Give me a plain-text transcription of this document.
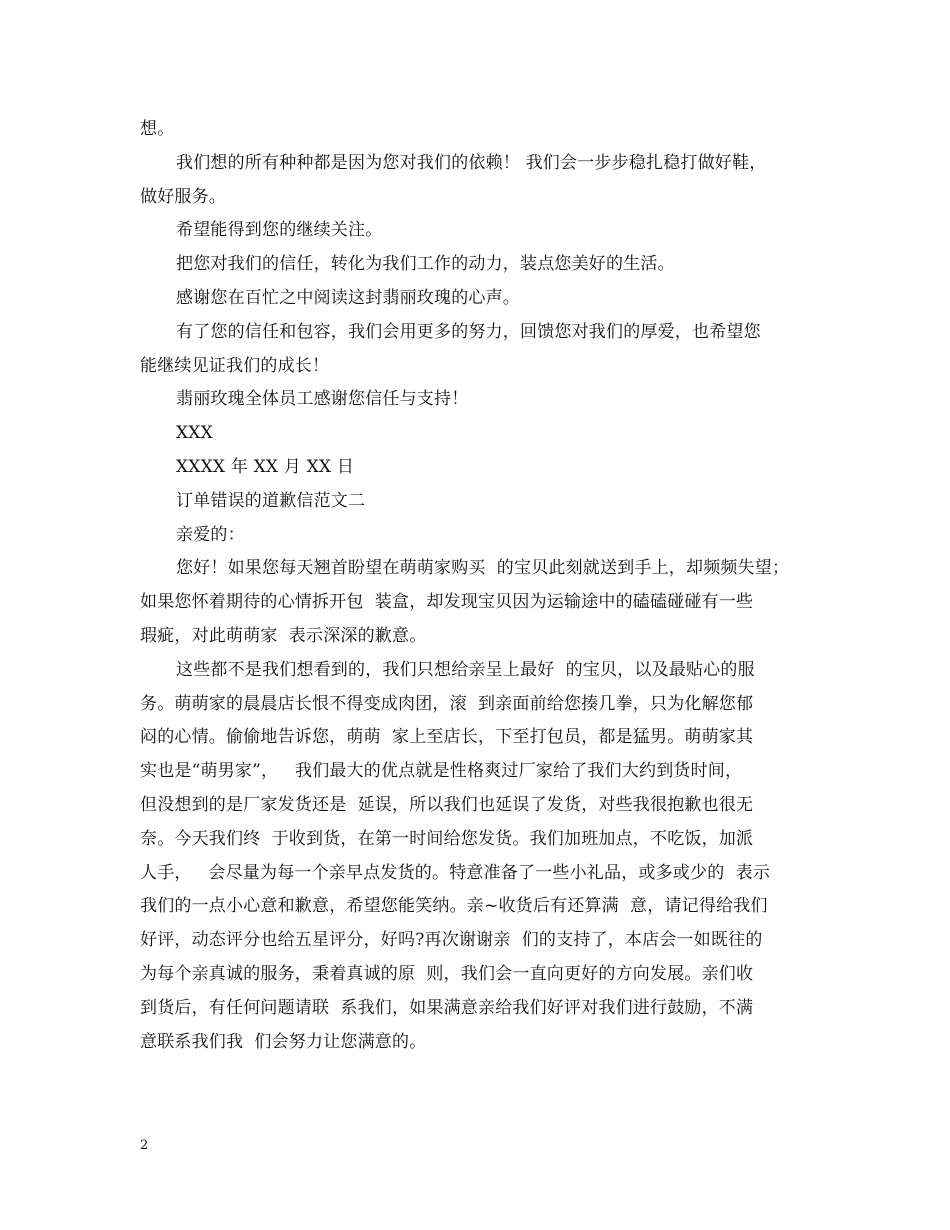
想。
我们想的所有种种都是因为您对我们的依赖！ 我们会一步步稳扎稳打做好鞋，
做好服务。
希望能得到您的继续关注。
把您对我们的信任，转化为我们工作的动力，装点您美好的生活。
感谢您在百忙之中阅读这封翡丽玫瑰的心声。
有了您的信任和包容，我们会用更多的努力，回馈您对我们的厚爱，也希望您
能继续见证我们的成长！
翡丽玫瑰全体员工感谢您信任与支持！
XXX
XXXX 年 XX 月 XX 日
订单错误的道歉信范文二
亲爱的：
您好！如果您每天翘首盼望在萌萌家购买  的宝贝此刻就送到手上，却频频失望；
如果您怀着期待的心情拆开包  装盒，却发现宝贝因为运输途中的磕磕碰碰有一些
瑕疵，对此萌萌家  表示深深的歉意。
这些都不是我们想看到的，我们只想给亲呈上最好  的宝贝，以及最贴心的服
务。萌萌家的晨晨店长恨不得变成肉团，滚  到亲面前给您揍几拳，只为化解您郁
闷的心情。偷偷地告诉您，萌萌  家上至店长，下至打包员，都是猛男。萌萌家其
实也是“萌男家”，   我们最大的优点就是性格爽过厂家给了我们大约到货时间，
但没想到的是厂家发货还是  延误，所以我们也延误了发货，对些我很抱歉也很无
奈。今天我们终  于收到货，在第一时间给您发货。我们加班加点，不吃饭，加派
人手，   会尽量为每一个亲早点发货的。特意准备了一些小礼品，或多或少的  表示
我们的一点小心意和歉意，希望您能笑纳。亲~收货后有还算满  意，请记得给我们
好评，动态评分也给五星评分，好吗?再次谢谢亲  们的支持了，本店会一如既往的
为每个亲真诚的服务，秉着真诚的原  则，我们会一直向更好的方向发展。亲们收
到货后，有任何问题请联  系我们，如果满意亲给我们好评对我们进行鼓励，不满
意联系我们我  们会努力让您满意的。
2
